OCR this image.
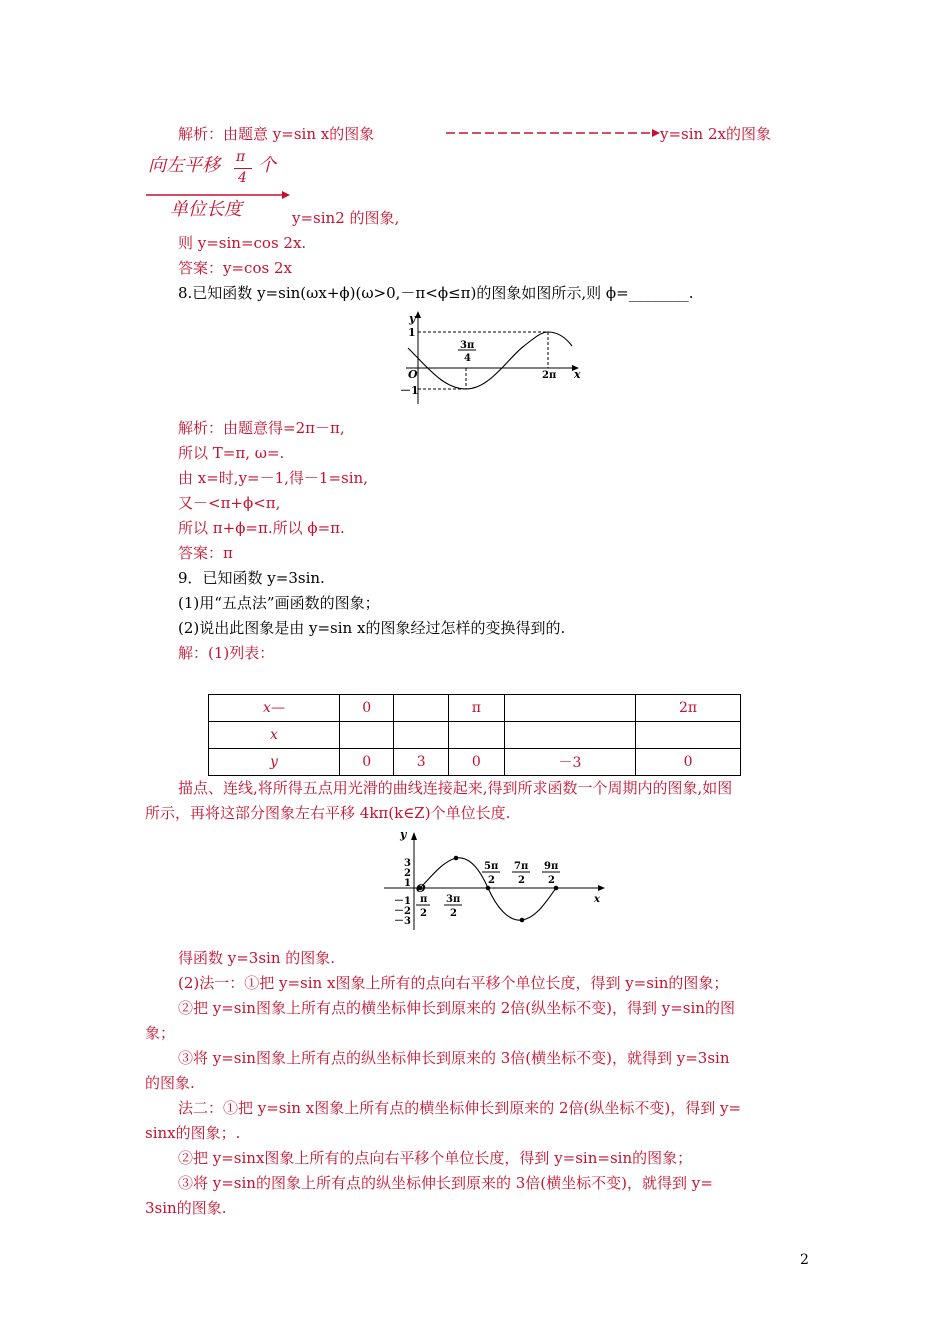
解析：由题意 y=sin x的图象	y=sin 2x的图象
向左平移 π
4
个
单位长度	y=sin2 的图象,
则 y=sin=cos 2x.
答案：y=cos 2x
8.已知函数 y=sin(ωx+ϕ)(ω>0,－π<ϕ≤π)的图象如图所示,则 ϕ=________.
y
x
O
1
－1
3π
4
2π
解析：由题意得=2π－π,
所以 T=π, ω=.
由 x=时,y=－1,得－1=sin,
又－<π+ϕ<π,
所以 π+ϕ=π.所以 ϕ=π.
答案：π
9．已知函数 y=3sin.
(1)用“五点法”画函数的图象；
(2)说出此图象是由 y=sin x的图象经过怎样的变换得到的.
解：(1)列表：
x—	0		π		2π
x					
y	0	3	0	－3	0
描点、连线,将所得五点用光滑的曲线连接起来,得到所求函数一个周期内的图象,如图
所示，再将这部分图象左右平移 4kπ(k∈Z)个单位长度.
y
x
3
2
1 O
－1
－2
－3
5π
2
7π
2
9π
2
π
2
3π
2
得函数 y=3sin 的图象.
(2)法一：①把 y=sin x图象上所有的点向右平移个单位长度，得到 y=sin的图象；
②把 y=sin图象上所有点的横坐标伸长到原来的 2倍(纵坐标不变)，得到 y=sin的图
象；
③将 y=sin图象上所有点的纵坐标伸长到原来的 3倍(横坐标不变)，就得到 y=3sin
的图象.
法二：①把 y=sin x图象上所有点的横坐标伸长到原来的 2倍(纵坐标不变)，得到 y=
sinx的图象；.
②把 y=sinx图象上所有的点向右平移个单位长度，得到 y=sin=sin的图象；
③将 y=sin的图象上所有点的纵坐标伸长到原来的 3倍(横坐标不变)，就得到 y=
3sin的图象.
2
